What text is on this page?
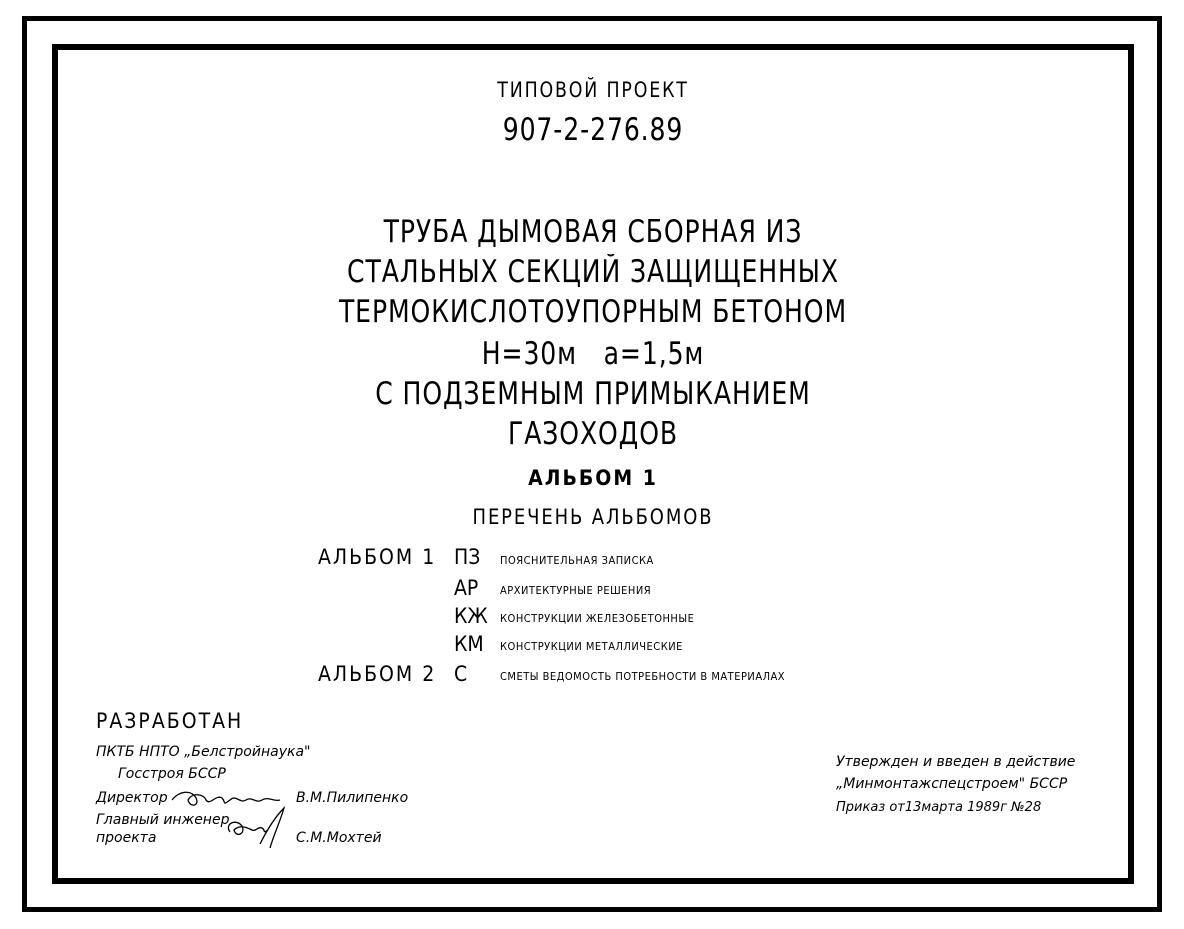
ТИПОВОЙ ПРОЕКТ
907-2-276.89
ТРУБА ДЫМОВАЯ СБОРНАЯ ИЗ
СТАЛЬНЫХ СЕКЦИЙ ЗАЩИЩЕННЫХ
ТЕРМОКИСЛОТОУПОРНЫМ БЕТОНОМ
Н=30м   а=1,5м
С ПОДЗЕМНЫМ ПРИМЫКАНИЕМ
ГАЗОХОДОВ
АЛЬБОМ 1
ПЕРЕЧЕНЬ АЛЬБОМОВ
АЛЬБОМ 1 ПЗ ПОЯСНИТЕЛЬНАЯ ЗАПИСКА
АР АРХИТЕКТУРНЫЕ РЕШЕНИЯ
КЖ КОНСТРУКЦИИ ЖЕЛЕЗОБЕТОННЫЕ
КМ КОНСТРУКЦИИ МЕТАЛЛИЧЕСКИЕ
АЛЬБОМ 2 С	СМЕТЫ ВЕДОМОСТЬ ПОТРЕБНОСТИ В МАТЕРИАЛАХ
РАЗРАБОТАН
ПКТБ НПТО „Белстройнаука"
Госстроя БССР
Директор	В.М.Пилипенко
Главный инженер
проекта	С.М.Мохтей
Утвержден и введен в действие
„Минмонтажспецстроем" БССР
Приказ от13марта 1989г №28
